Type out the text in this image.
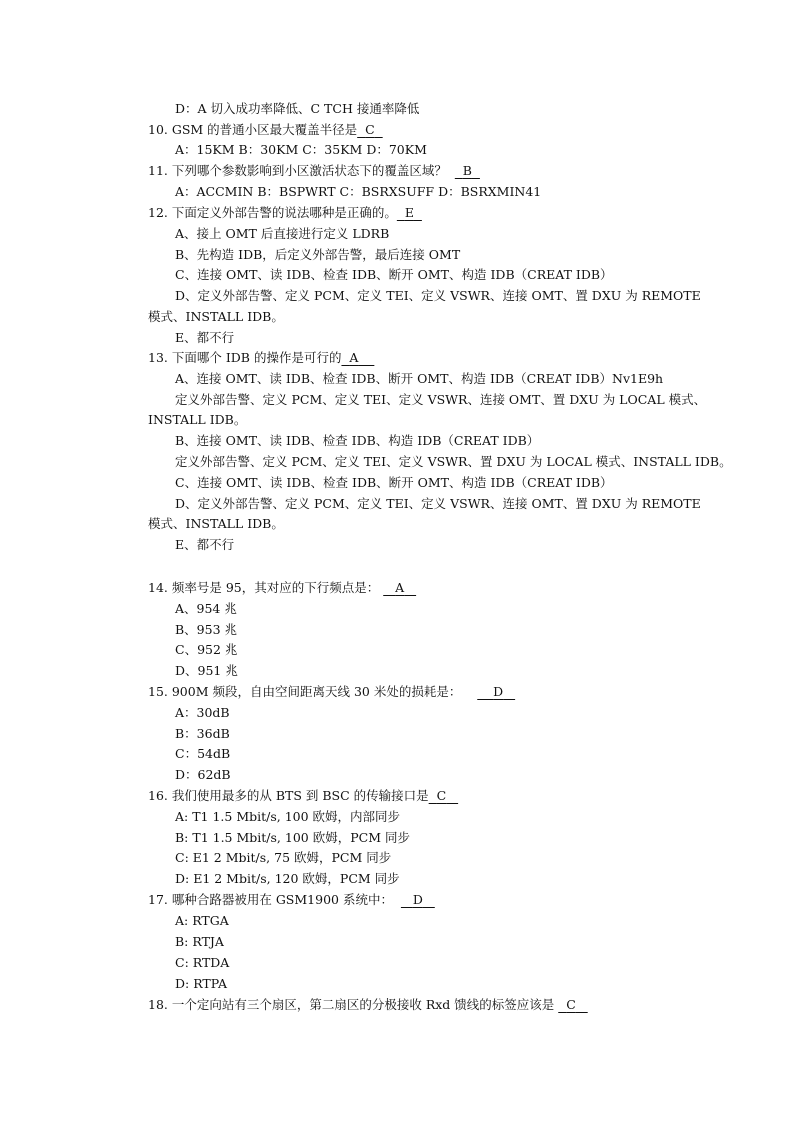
D：A 切入成功率降低、C TCH 接通率降低
10. GSM 的普通小区最大覆盖半径是 C
A：15KM B：30KM C：35KM D：70KM
11. 下列哪个参数影响到小区激活状态下的覆盖区域？ B
A：ACCMIN B：BSPWRT C：BSRXSUFF D：BSRXMIN41
12. 下面定义外部告警的说法哪种是正确的。 E
A、接上 OMT 后直接进行定义 LDRB
B、先构造 IDB，后定义外部告警，最后连接 OMT
C、连接 OMT、读 IDB、检查 IDB、断开 OMT、构造 IDB（CREAT IDB）
D、定义外部告警、定义 PCM、定义 TEI、定义 VSWR、连接 OMT、置 DXU 为 REMOTE
模式、INSTALL IDB。
E、都不行
13. 下面哪个 IDB 的操作是可行的 A
A、连接 OMT、读 IDB、检查 IDB、断开 OMT、构造 IDB（CREAT IDB）Nv1E9h
定义外部告警、定义 PCM、定义 TEI、定义 VSWR、连接 OMT、置 DXU 为 LOCAL 模式、
INSTALL IDB。
B、连接 OMT、读 IDB、检查 IDB、构造 IDB（CREAT IDB）
定义外部告警、定义 PCM、定义 TEI、定义 VSWR、置 DXU 为 LOCAL 模式、INSTALL IDB。
C、连接 OMT、读 IDB、检查 IDB、断开 OMT、构造 IDB（CREAT IDB）
D、定义外部告警、定义 PCM、定义 TEI、定义 VSWR、连接 OMT、置 DXU 为 REMOTE
模式、INSTALL IDB。
E、都不行
14. 频率号是 95，其对应的下行频点是： A
A、954 兆
B、953 兆
C、952 兆
D、951 兆
15. 900M 频段，自由空间距离天线 30 米处的损耗是：	D
A：30dB
B：36dB
C：54dB
D：62dB
16. 我们使用最多的从 BTS 到 BSC 的传输接口是 C
A: T1 1.5 Mbit/s, 100 欧姆，内部同步
B: T1 1.5 Mbit/s, 100 欧姆，PCM 同步
C: E1 2 Mbit/s, 75 欧姆，PCM 同步
D: E1 2 Mbit/s, 120 欧姆，PCM 同步
17. 哪种合路器被用在 GSM1900 系统中： D
A: RTGA
B: RTJA
C: RTDA
D: RTPA
18. 一个定向站有三个扇区，第二扇区的分极接收 Rxd 馈线的标签应该是 C
